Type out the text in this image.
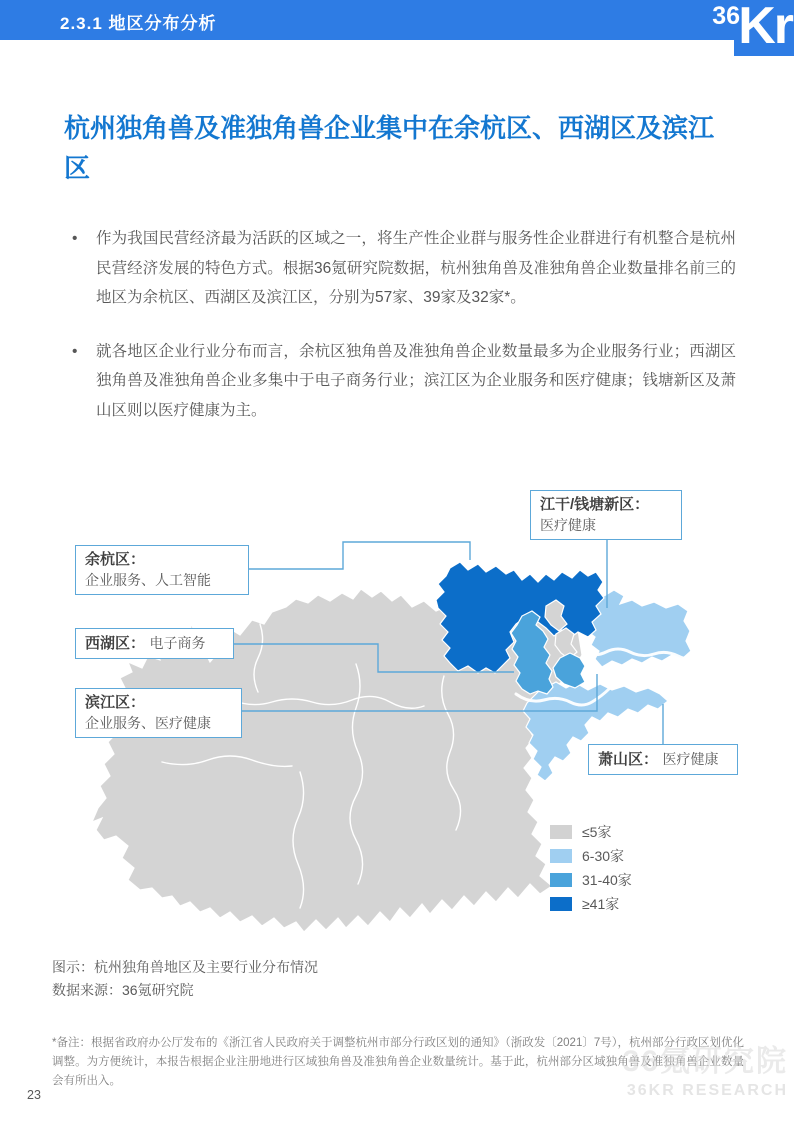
2.3.1 地区分布分析	36
Kr
杭州独角兽及准独角兽企业集中在余杭区、西湖区及滨江区
• 作为我国民营经济最为活跃的区域之一，将生产性企业群与服务性企业群进行有机整合是杭州民营经济发展的特色方式。根据36氪研究院数据，杭州独角兽及准独角兽企业数量排名前三的地区为余杭区、西湖区及滨江区，分别为57家、39家及32家*。
• 就各地区企业行业分布而言，余杭区独角兽及准独角兽企业数量最多为企业服务行业；西湖区独角兽及准独角兽企业多集中于电子商务行业；滨江区为企业服务和医疗健康；钱塘新区及萧山区则以医疗健康为主。
江干/钱塘新区：
医疗健康
余杭区：
企业服务、人工智能
西湖区： 电子商务
滨江区：
企业服务、医疗健康
萧山区： 医疗健康
≤5家
6-30家
31-40家
≥41家
图示：杭州独角兽地区及主要行业分布情况
数据来源：36氪研究院
*备注：根据省政府办公厅发布的《浙江省人民政府关于调整杭州市部分行政区划的通知》（浙政发〔2021〕7号），杭州部分行政区划优化调整。为方便统计，本报告根据企业注册地进行区域独角兽及准独角兽企业数量统计。基于此，杭州部分区域独角兽及准独角兽企业数量会有所出入。
36氪研究院
36KR RESEARCH
23
